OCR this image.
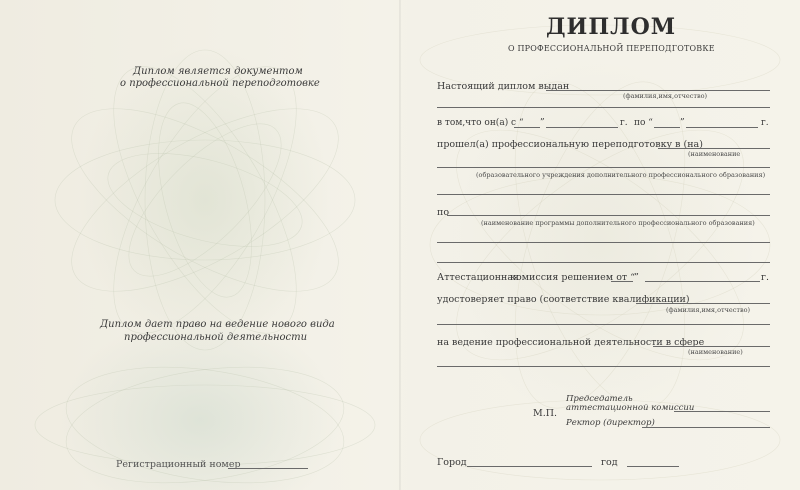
Диплом является документом
о профессиональной переподготовке
Диплом дает право на ведение нового вида
профессиональной деятельности
Регистрационный номер
ДИПЛОМ
О ПРОФЕССИОНАЛЬНОЙ ПЕРЕПОДГОТОВКЕ
Настоящий диплом выдан
(фамилия,имя,отчество)
в том,что он(а) с “ ”	г. по “	”	г.
прошел(а) профессиональную переподготовку в (на)
(наименование
(образовательного учреждения дополнительного профессионального образования)
по
(наименование программы дополнительного профессионального образования)
Аттестационная
комиссия решением от “
”	г.
удостоверяет право (соответствие квалификации)
(фамилия,имя,отчество)
на ведение профессиональной деятельности в сфере
(наименование)
М.П.
Председатель
аттестационной комиссии
Ректор (директор)
Город	год
